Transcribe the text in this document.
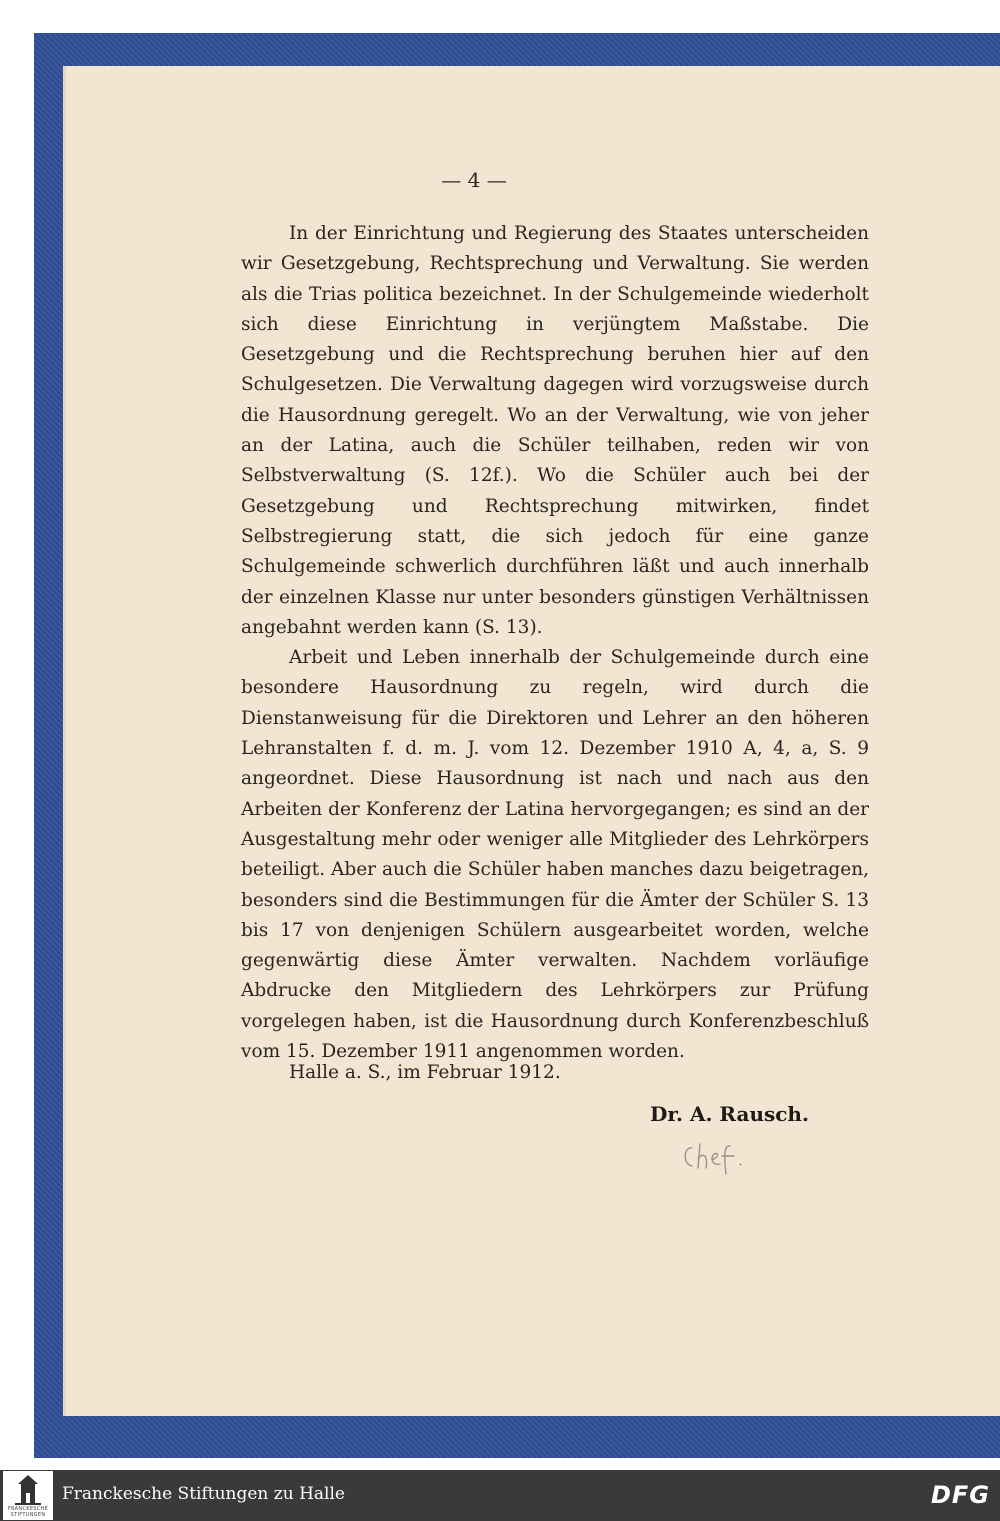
— 4 —

In der Einrichtung und Regierung des Staates unterscheiden wir Gesetzgebung, Rechtsprechung und Verwaltung. Sie werden als die Trias politica bezeichnet. In der Schulgemeinde wiederholt sich diese Einrichtung in verjüngtem Maßstabe. Die Gesetzgebung und die Rechtsprechung beruhen hier auf den Schulgesetzen. Die Verwaltung dagegen wird vorzugsweise durch die Hausordnung geregelt. Wo an der Verwaltung, wie von jeher an der Latina, auch die Schüler teilhaben, reden wir von Selbstverwaltung (S. 12f.). Wo die Schüler auch bei der Gesetzgebung und Rechtsprechung mitwirken, findet Selbstregierung statt, die sich jedoch für eine ganze Schulgemeinde schwerlich durchführen läßt und auch innerhalb der einzelnen Klasse nur unter besonders günstigen Verhältnissen angebahnt werden kann (S. 13).

Arbeit und Leben innerhalb der Schulgemeinde durch eine besondere Hausordnung zu regeln, wird durch die Dienstanweisung für die Direktoren und Lehrer an den höheren Lehranstalten f. d. m. J. vom 12. Dezember 1910 A, 4, a, S. 9 angeordnet. Diese Hausordnung ist nach und nach aus den Arbeiten der Konferenz der Latina hervorgegangen; es sind an der Ausgestaltung mehr oder weniger alle Mitglieder des Lehrkörpers beteiligt. Aber auch die Schüler haben manches dazu beigetragen, besonders sind die Bestimmungen für die Ämter der Schüler S. 13 bis 17 von denjenigen Schülern ausgearbeitet worden, welche gegenwärtig diese Ämter verwalten. Nachdem vorläufige Abdrucke den Mitgliedern des Lehrkörpers zur Prüfung vorgelegen haben, ist die Hausordnung durch Konferenzbeschluß vom 15. Dezember 1911 angenommen worden.

Halle a. S., im Februar 1912.
Dr. A. Rausch.
FRANCKESCHE STIFTUNGEN
Franckesche Stiftungen zu Halle	DFG
